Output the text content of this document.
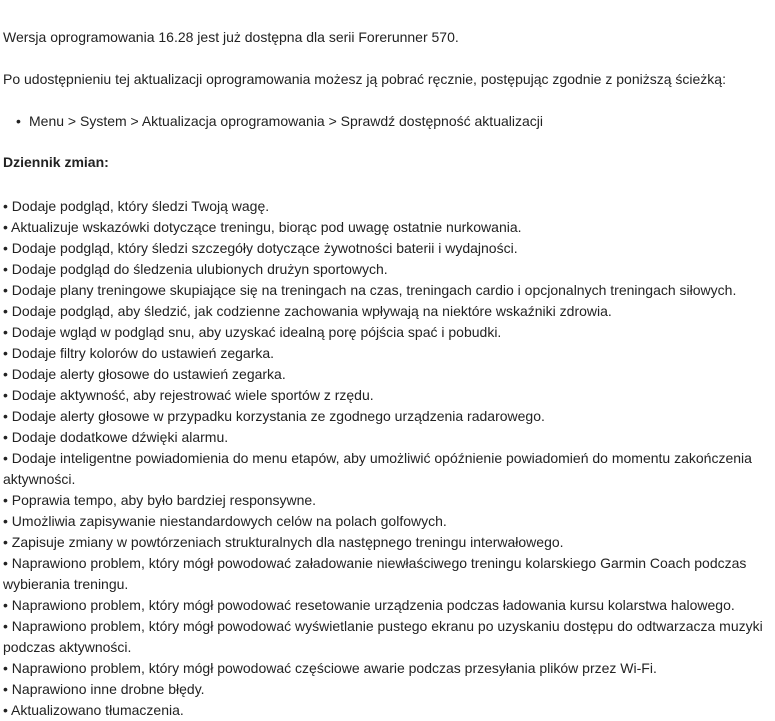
Wersja oprogramowania 16.28 jest już dostępna dla serii Forerunner 570.

Po udostępnieniu tej aktualizacji oprogramowania możesz ją pobrać ręcznie, postępując zgodnie z poniższą ścieżką:

• Menu > System > Aktualizacja oprogramowania > Sprawdź dostępność aktualizacji

Dziennik zmian:

• Dodaje podgląd, który śledzi Twoją wagę.
• Aktualizuje wskazówki dotyczące treningu, biorąc pod uwagę ostatnie nurkowania.
• Dodaje podgląd, który śledzi szczegóły dotyczące żywotności baterii i wydajności.
• Dodaje podgląd do śledzenia ulubionych drużyn sportowych.
• Dodaje plany treningowe skupiające się na treningach na czas, treningach cardio i opcjonalnych treningach siłowych.
• Dodaje podgląd, aby śledzić, jak codzienne zachowania wpływają na niektóre wskaźniki zdrowia.
• Dodaje wgląd w podgląd snu, aby uzyskać idealną porę pójścia spać i pobudki.
• Dodaje filtry kolorów do ustawień zegarka.
• Dodaje alerty głosowe do ustawień zegarka.
• Dodaje aktywność, aby rejestrować wiele sportów z rzędu.
• Dodaje alerty głosowe w przypadku korzystania ze zgodnego urządzenia radarowego.
• Dodaje dodatkowe dźwięki alarmu.
• Dodaje inteligentne powiadomienia do menu etapów, aby umożliwić opóźnienie powiadomień do momentu zakończenia aktywności.
• Poprawia tempo, aby było bardziej responsywne.
• Umożliwia zapisywanie niestandardowych celów na polach golfowych.
• Zapisuje zmiany w powtórzeniach strukturalnych dla następnego treningu interwałowego.
• Naprawiono problem, który mógł powodować załadowanie niewłaściwego treningu kolarskiego Garmin Coach podczas wybierania treningu.
• Naprawiono problem, który mógł powodować resetowanie urządzenia podczas ładowania kursu kolarstwa halowego.
• Naprawiono problem, który mógł powodować wyświetlanie pustego ekranu po uzyskaniu dostępu do odtwarzacza muzyki podczas aktywności.
• Naprawiono problem, który mógł powodować częściowe awarie podczas przesyłania plików przez Wi-Fi.
• Naprawiono inne drobne błędy.
• Aktualizowano tłumaczenia.
